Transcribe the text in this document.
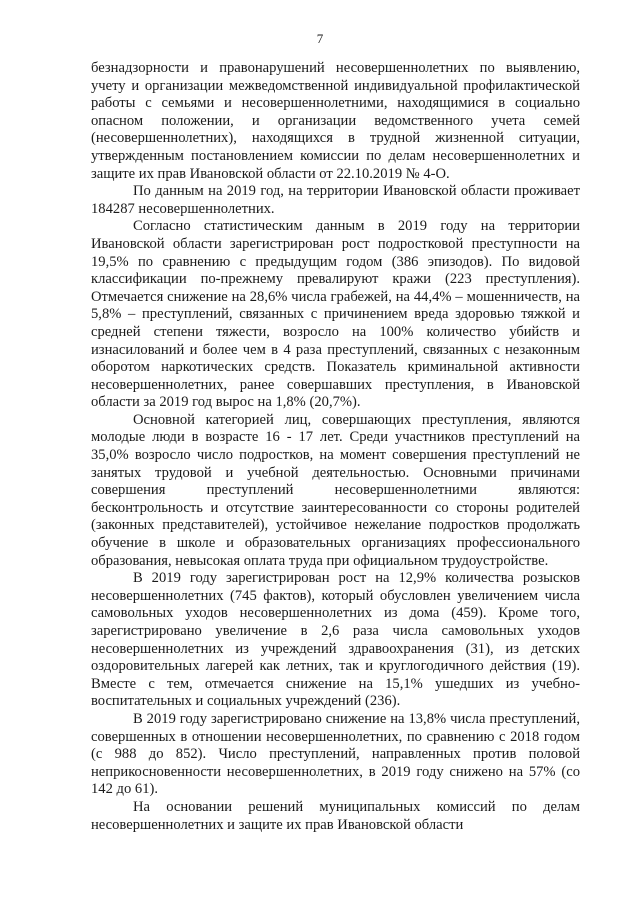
7

безнадзорности и правонарушений несовершеннолетних по выявлению, учету и организации межведомственной индивидуальной профилактической работы с семьями и несовершеннолетними, находящимися в социально опасном положении, и организации ведомственного учета семей (несовершеннолетних), находящихся в трудной жизненной ситуации, утвержденным постановлением комиссии по делам несовершеннолетних и защите их прав Ивановской области от 22.10.2019 № 4-О.

По данным на 2019 год, на территории Ивановской области проживает 184287 несовершеннолетних.

Согласно статистическим данным в 2019 году на территории Ивановской области зарегистрирован рост подростковой преступности на 19,5% по сравнению с предыдущим годом (386 эпизодов). По видовой классификации по-прежнему превалируют кражи (223 преступления). Отмечается снижение на 28,6% числа грабежей, на 44,4% – мошенничеств, на 5,8% – преступлений, связанных с причинением вреда здоровью тяжкой и средней степени тяжести, возросло на 100% количество убийств и изнасилований и более чем в 4 раза преступлений, связанных с незаконным оборотом наркотических средств. Показатель криминальной активности несовершеннолетних, ранее совершавших преступления, в Ивановской области за 2019 год вырос на 1,8% (20,7%).

Основной категорией лиц, совершающих преступления, являются молодые люди в возрасте 16 - 17 лет. Среди участников преступлений на 35,0% возросло число подростков, на момент совершения преступлений не занятых трудовой и учебной деятельностью. Основными причинами совершения преступлений несовершеннолетними являются: бесконтрольность и отсутствие заинтересованности со стороны родителей (законных представителей), устойчивое нежелание подростков продолжать обучение в школе и образовательных организациях профессионального образования, невысокая оплата труда при официальном трудоустройстве.

В 2019 году зарегистрирован рост на 12,9% количества розысков несовершеннолетних (745 фактов), который обусловлен увеличением числа самовольных уходов несовершеннолетних из дома (459). Кроме того, зарегистрировано увеличение в 2,6 раза числа самовольных уходов несовершеннолетних из учреждений здравоохранения (31), из детских оздоровительных лагерей как летних, так и круглогодичного действия (19). Вместе с тем, отмечается снижение на 15,1% ушедших из учебно-воспитательных и социальных учреждений (236).

В 2019 году зарегистрировано снижение на 13,8% числа преступлений, совершенных в отношении несовершеннолетних, по сравнению с 2018 годом (с 988 до 852). Число преступлений, направленных против половой неприкосновенности несовершеннолетних, в 2019 году снижено на 57% (со 142 до 61).

На основании решений муниципальных комиссий по делам несовершеннолетних и защите их прав Ивановской области
